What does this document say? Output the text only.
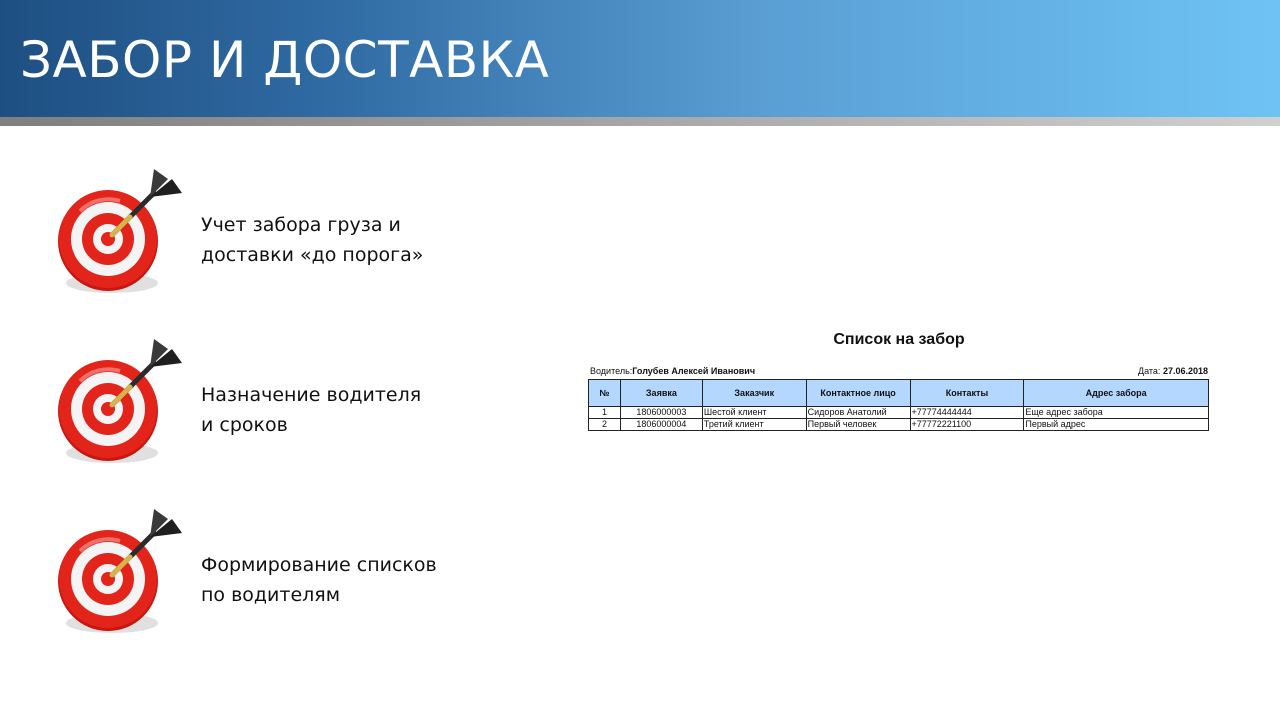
ЗАБОР И ДОСТАВКА
Учет забора груза и
доставки «до порога»
Назначение водителя
и сроков
Формирование списков
по водителям
Список на забор
Водитель:Голубев Алексей Иванович	Дата: 27.06.2018
№	Заявка	Заказчик	Контактное лицо	Контакты	Адрес забора
1	1806000003	Шестой клиент	Сидоров Анатолий	+77774444444	Еще адрес забора
2	1806000004	Третий клиент	Первый человек	+77772221100	Первый адрес
